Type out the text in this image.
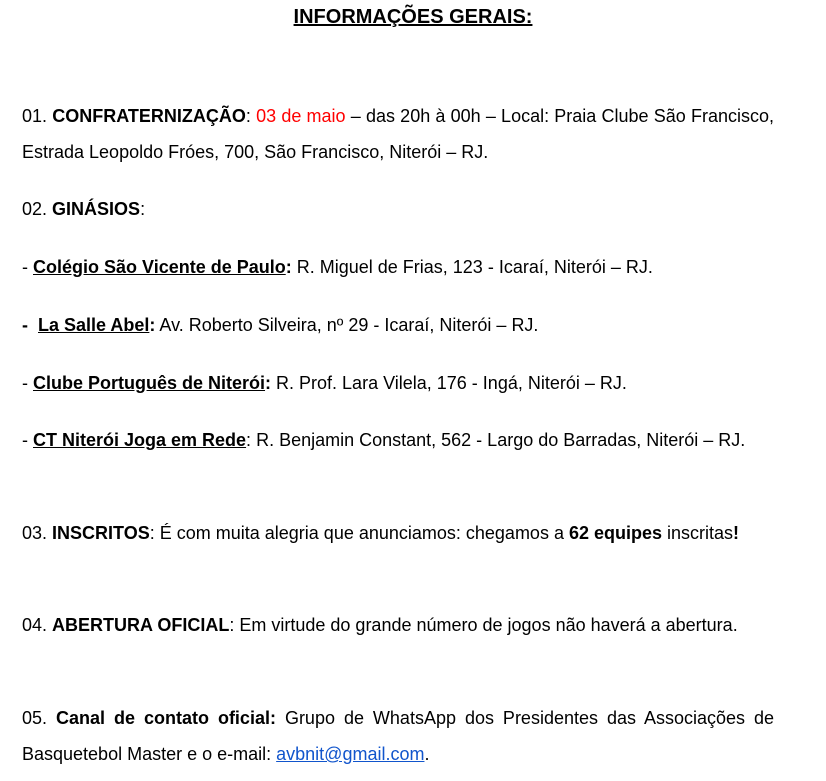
INFORMAÇÕES GERAIS:
01. CONFRATERNIZAÇÃO: 03 de maio – das 20h à 00h – Local: Praia Clube São Francisco, Estrada Leopoldo Fróes, 700, São Francisco, Niterói – RJ.
02. GINÁSIOS:
- Colégio São Vicente de Paulo: R. Miguel de Frias, 123 - Icaraí, Niterói – RJ.
-  La Salle Abel: Av. Roberto Silveira, nº 29 - Icaraí, Niterói – RJ.
- Clube Português de Niterói: R. Prof. Lara Vilela, 176 - Ingá, Niterói – RJ.
- CT Niterói Joga em Rede: R. Benjamin Constant, 562 - Largo do Barradas, Niterói – RJ.
03. INSCRITOS: É com muita alegria que anunciamos: chegamos a 62 equipes inscritas!
04. ABERTURA OFICIAL: Em virtude do grande número de jogos não haverá a abertura.
05. Canal de contato oficial: Grupo de WhatsApp dos Presidentes das Associações de Basquetebol Master e o e-mail: avbnit@gmail.com.
